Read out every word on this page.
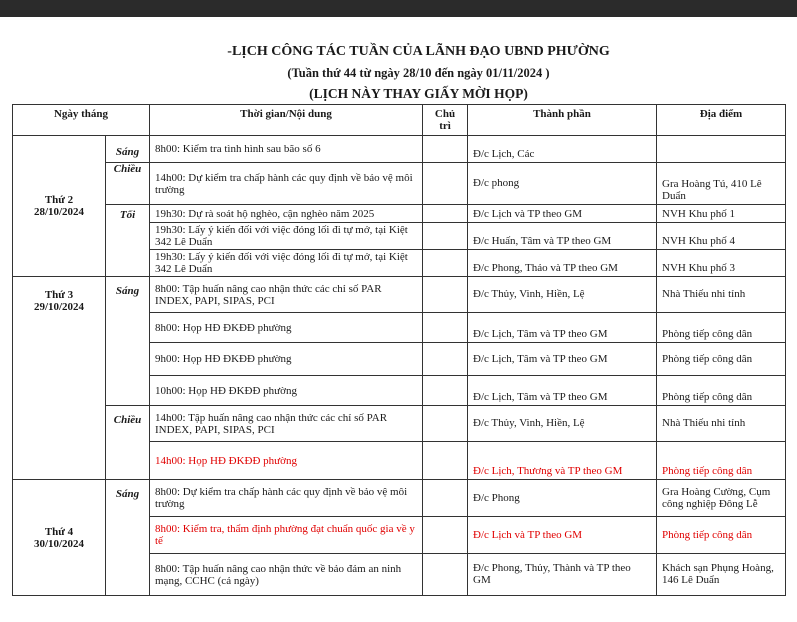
-LỊCH CÔNG TÁC TUẦN CỦA LÃNH ĐẠO UBND PHƯỜNG
(Tuần thứ 44 từ ngày 28/10 đến ngày 01/11/2024 )
(LỊCH NÀY THAY GIẤY MỜI HỌP)
Ngày tháng		Thời gian/Nội dung	Chủ trì	Thành phần	Địa điểm

Thứ 2
28/10/2024	Sáng	8h00: Kiểm tra tình hình sau bão số 6		Đ/c Lịch, Các	
	Chiều	14h00: Dự kiểm tra chấp hành các quy định về bảo vệ môi trường		Đ/c phong	Gra Hoàng Tú, 410 Lê Duẩn
	Tối	19h30: Dự rà soát hộ nghèo, cận nghèo năm 2025		Đ/c Lịch và TP theo GM	NVH Khu phố 1
		19h30: Lấy ý kiến đối với việc đóng lối đi tự mở, tại Kiệt 342 Lê Duẩn		Đ/c Huấn, Tâm và TP theo GM	NVH Khu phố 4
		19h30: Lấy ý kiến đối với việc đóng lối đi tự mở, tại Kiệt 342 Lê Duẩn		Đ/c Phong, Thảo và TP theo GM	NVH Khu phố 3

Thứ 3
29/10/2024	Sáng	8h00: Tập huấn nâng cao nhận thức các chỉ số PAR INDEX, PAPI, SIPAS, PCI		Đ/c Thủy, Vinh, Hiền, Lệ	Nhà Thiếu nhi tỉnh
		8h00: Họp HĐ ĐKĐĐ phường		Đ/c Lịch, Tâm và TP theo GM	Phòng tiếp công dân
		9h00: Họp HĐ ĐKĐĐ phường		Đ/c Lịch, Tâm và TP theo GM	Phòng tiếp công dân
		10h00: Họp HĐ ĐKĐĐ phường		Đ/c Lịch, Tâm và TP theo GM	Phòng tiếp công dân
	Chiều	14h00: Tập huấn nâng cao nhận thức các chỉ số PAR INDEX, PAPI, SIPAS, PCI		Đ/c Thủy, Vinh, Hiền, Lệ	Nhà Thiếu nhi tỉnh
		14h00: Họp HĐ ĐKĐĐ phường		Đ/c Lịch, Thương và TP theo GM	Phòng tiếp công dân

Thứ 4
30/10/2024	Sáng	8h00: Dự kiểm tra chấp hành các quy định về bảo vệ môi trường		Đ/c Phong	Gra Hoàng Cường, Cụm công nghiệp Đông Lễ
		8h00: Kiểm tra, thẩm định phường đạt chuẩn quốc gia về y tế		Đ/c Lịch và TP theo GM	Phòng tiếp công dân
		8h00: Tập huấn nâng cao nhận thức về bảo đảm an ninh mạng, CCHC (cả ngày)		Đ/c Phong, Thủy, Thành và TP theo GM	Khách sạn Phụng Hoàng, 146 Lê Duẩn
